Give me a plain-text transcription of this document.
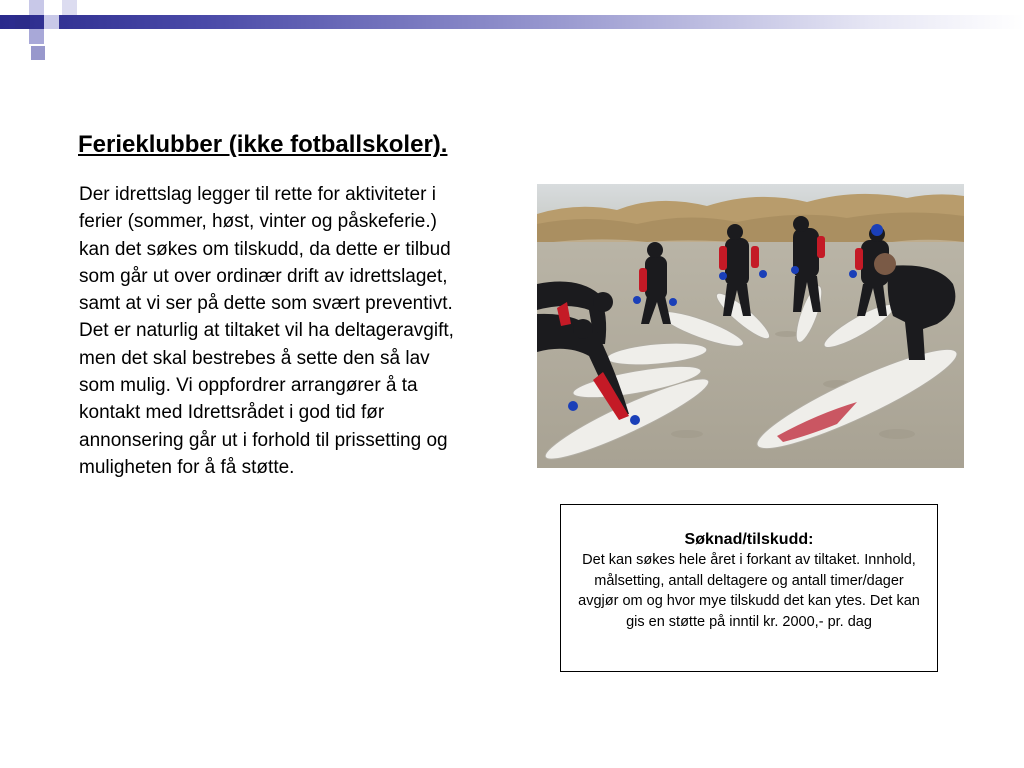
Ferieklubber (ikke fotballskoler).

Der idrettslag legger til rette for aktiviteter i ferier (sommer, høst, vinter og påskeferie.) kan det søkes om tilskudd, da dette er tilbud som går ut over ordinær drift av idrettslaget, samt at vi ser på dette som svært preventivt.

Det er naturlig at tiltaket vil ha deltageravgift, men det skal bestrebes å sette den så lav som mulig. Vi oppfordrer arrangører å ta kontakt med Idrettsrådet i god tid før annonsering går ut i forhold til prissetting og muligheten for å få støtte.

Søknad/tilskudd:

Det kan søkes hele året i forkant av tiltaket. Innhold, målsetting, antall deltagere og antall timer/dager avgjør om og hvor mye tilskudd det kan ytes. Det kan gis en støtte på inntil kr. 2000,- pr. dag
